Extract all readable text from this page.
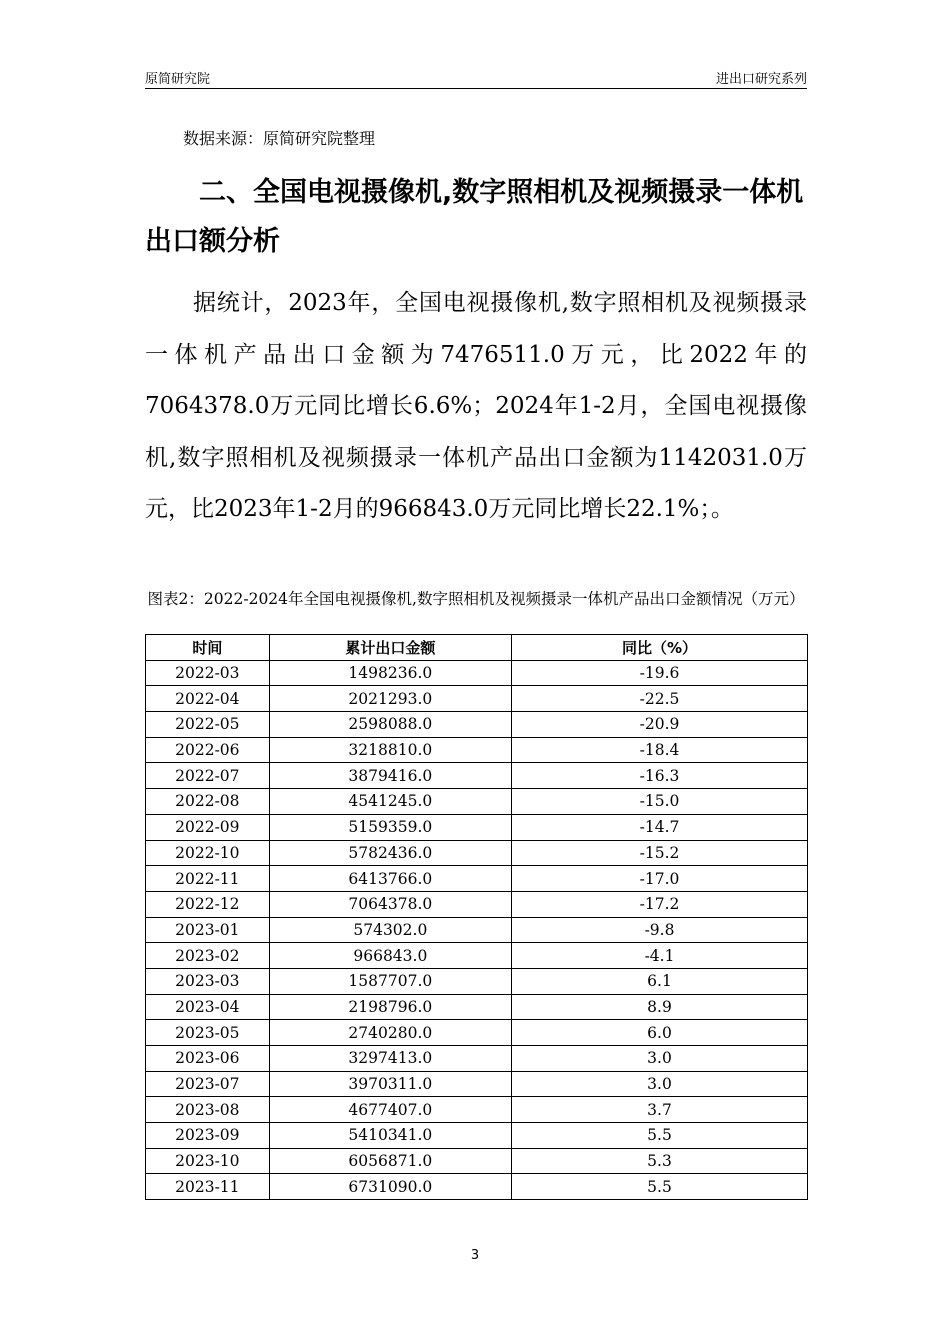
原简研究院	进出口研究系列
数据来源：原简研究院整理
二、全国电视摄像机,数字照相机及视频摄录一体机出口额分析
据统计，2023年，全国电视摄像机,数字照相机及视频摄录一体机产品出口金额为7476511.0万元，比2022年的7064378.0万元同比增长6.6%；2024年1-2月，全国电视摄像机,数字照相机及视频摄录一体机产品出口金额为1142031.0万元，比2023年1-2月的966843.0万元同比增长22.1%；。
图表2：2022-2024年全国电视摄像机,数字照相机及视频摄录一体机产品出口金额情况（万元）
时间	累计出口金额	同比（%）
2022-03	1498236.0	-19.6
2022-04	2021293.0	-22.5
2022-05	2598088.0	-20.9
2022-06	3218810.0	-18.4
2022-07	3879416.0	-16.3
2022-08	4541245.0	-15.0
2022-09	5159359.0	-14.7
2022-10	5782436.0	-15.2
2022-11	6413766.0	-17.0
2022-12	7064378.0	-17.2
2023-01	574302.0	-9.8
2023-02	966843.0	-4.1
2023-03	1587707.0	6.1
2023-04	2198796.0	8.9
2023-05	2740280.0	6.0
2023-06	3297413.0	3.0
2023-07	3970311.0	3.0
2023-08	4677407.0	3.7
2023-09	5410341.0	5.5
2023-10	6056871.0	5.3
2023-11	6731090.0	5.5
3
